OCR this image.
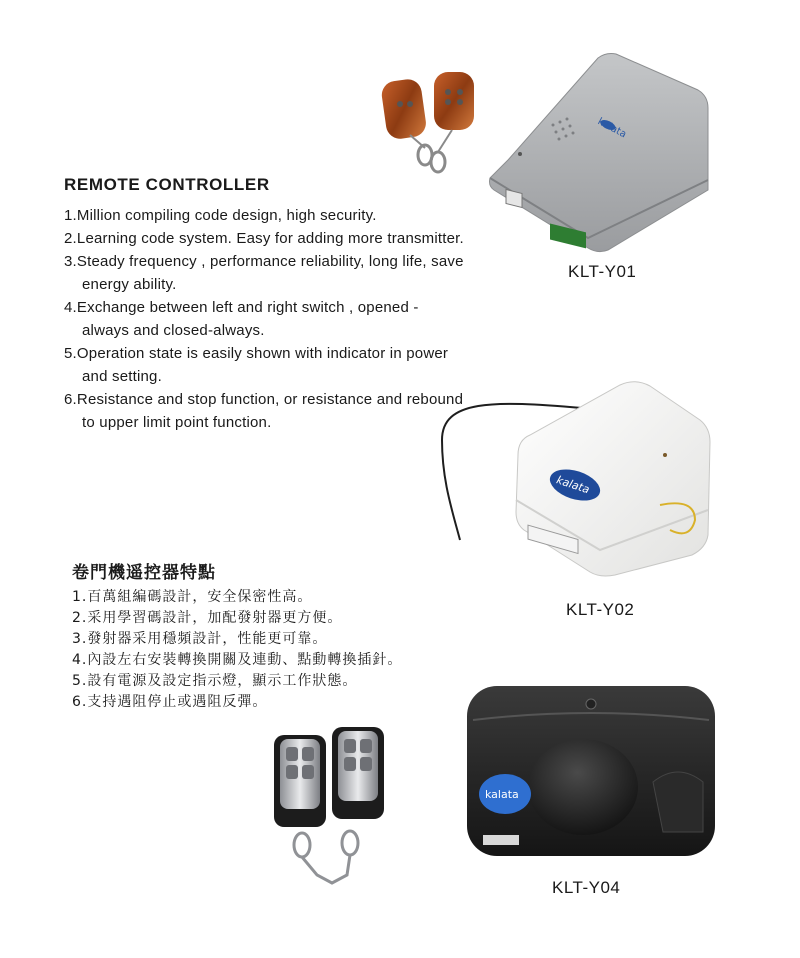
kalata
kalata
kalata
REMOTE CONTROLLER
1.Million compiling code design, high security.
2.Learning code system. Easy for adding more transmitter.
3.Steady frequency , performance reliability, long life, save energy ability.
4.Exchange between left and right switch , opened -always and closed-always.
5.Operation state is easily shown with indicator in power and setting.
6.Resistance and stop function, or resistance and rebound to upper limit point function.
卷門機遥控器特點
1.百萬組編碼設計，安全保密性高。
2.采用學習碼設計，加配發射器更方便。
3.發射器采用穩頻設計，性能更可靠。
4.內設左右安裝轉換開關及連動、點動轉換插針。
5.設有電源及設定指示燈，顯示工作狀態。
6.支持遇阻停止或遇阻反彈。
KLT-Y01
KLT-Y02
KLT-Y04
